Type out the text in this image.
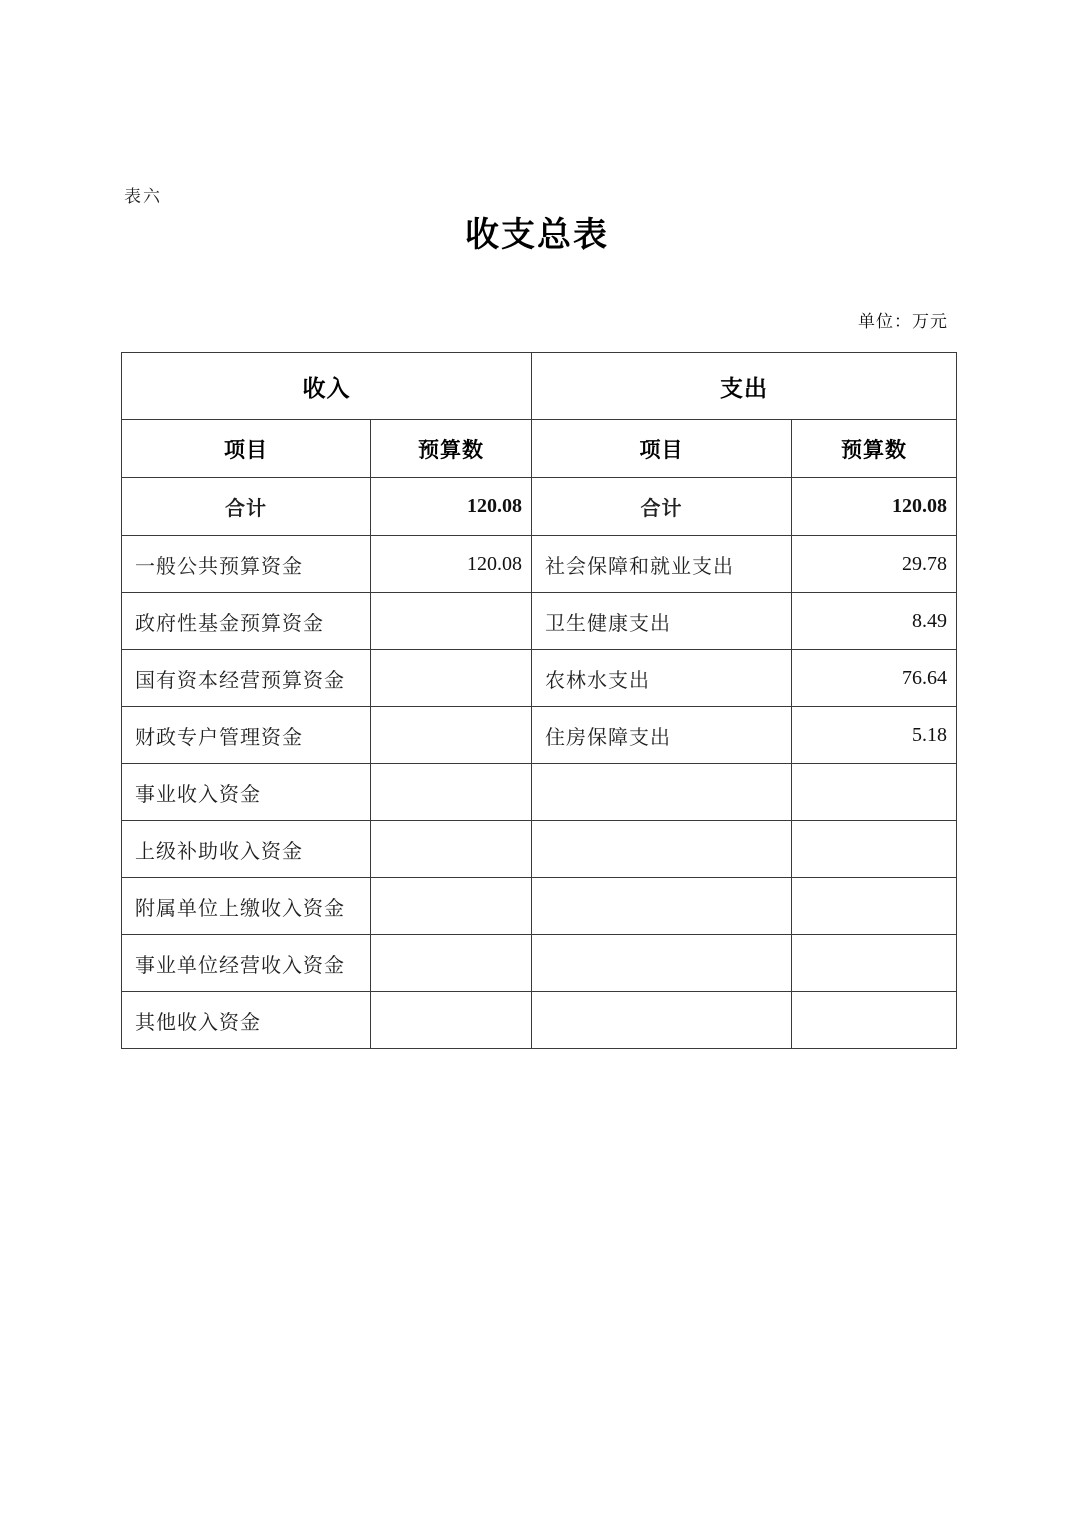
表六
收支总表
单位：万元
收入		支出	
项目	预算数	项目	预算数
合计	120.08	合计	120.08
一般公共预算资金	120.08	社会保障和就业支出	29.78
政府性基金预算资金		卫生健康支出	8.49
国有资本经营预算资金		农林水支出	76.64
财政专户管理资金		住房保障支出	5.18
事业收入资金			
上级补助收入资金			
附属单位上缴收入资金			
事业单位经营收入资金			
其他收入资金			
